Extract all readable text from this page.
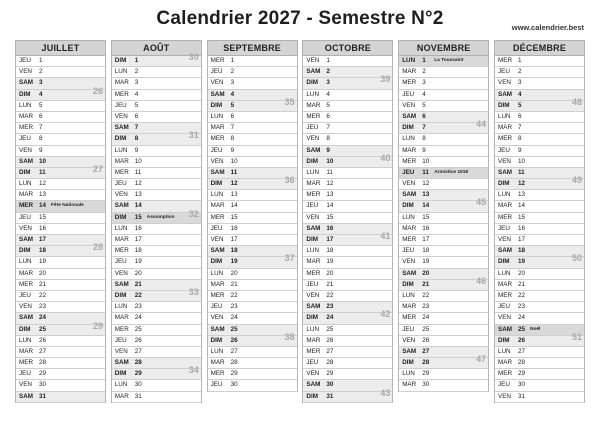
Calendrier 2027 - Semestre N°2	www.calendrier.best
JUILLET
JEU 1
VEN 2
SAM 3
DIM 4	26
LUN 5
MAR 6
MER 7
JEU 8
VEN 9
SAM 10
DIM 11	27
LUN 12
MAR 13
MER 14 Fête Nationale
JEU 15
VEN 16
SAM 17
DIM 18	28
LUN 19
MAR 20
MER 21
JEU 22
VEN 23
SAM 24
DIM 25	29
LUN 26
MAR 27
MER 28
JEU 29
VEN 30
SAM 31
AOÛT
DIM 1	30
LUN 2
MAR 3
MER 4
JEU 5
VEN 6
SAM 7
DIM 8	31
LUN 9
MAR 10
MER 11
JEU 12
VEN 13
SAM 14
DIM 15 Assomption 32
LUN 16
MAR 17
MER 18
JEU 19
VEN 20
SAM 21
DIM 22	33
LUN 23
MAR 24
MER 25
JEU 26
VEN 27
SAM 28
DIM 29	34
LUN 30
MAR 31
SEPTEMBRE
MER 1
JEU 2
VEN 3
SAM 4
DIM 5	35
LUN 6
MAR 7
MER 8
JEU 9
VEN 10
SAM 11
DIM 12	36
LUN 13
MAR 14
MER 15
JEU 16
VEN 17
SAM 18
DIM 19	37
LUN 20
MAR 21
MER 22
JEU 23
VEN 24
SAM 25
DIM 26	38
LUN 27
MAR 28
MER 29
JEU 30
OCTOBRE
VEN 1
SAM 2
DIM 3	39
LUN 4
MAR 5
MER 6
JEU 7
VEN 8
SAM 9
DIM 10	40
LUN 11
MAR 12
MER 13
JEU 14
VEN 15
SAM 16
DIM 17	41
LUN 18
MAR 19
MER 20
JEU 21
VEN 22
SAM 23
DIM 24	42
LUN 25
MAR 26
MER 27
JEU 28
VEN 29
SAM 30
DIM 31	43
NOVEMBRE
LUN 1 La Toussaint
MAR 2
MER 3
JEU 4
VEN 5
SAM 6
DIM 7	44
LUN 8
MAR 9
MER 10
JEU 11 Armistice 1918
VEN 12
SAM 13
DIM 14	45
LUN 15
MAR 16
MER 17
JEU 18
VEN 19
SAM 20
DIM 21	46
LUN 22
MAR 23
MER 24
JEU 25
VEN 26
SAM 27
DIM 28	47
LUN 29
MAR 30
DÉCEMBRE
MER 1
JEU 2
VEN 3
SAM 4
DIM 5	48
LUN 6
MAR 7
MER 8
JEU 9
VEN 10
SAM 11
DIM 12	49
LUN 13
MAR 14
MER 15
JEU 16
VEN 17
SAM 18
DIM 19	50
LUN 20
MAR 21
MER 22
JEU 23
VEN 24
SAM 25 Noël
DIM 26	51
LUN 27
MAR 28
MER 29
JEU 30
VEN 31
